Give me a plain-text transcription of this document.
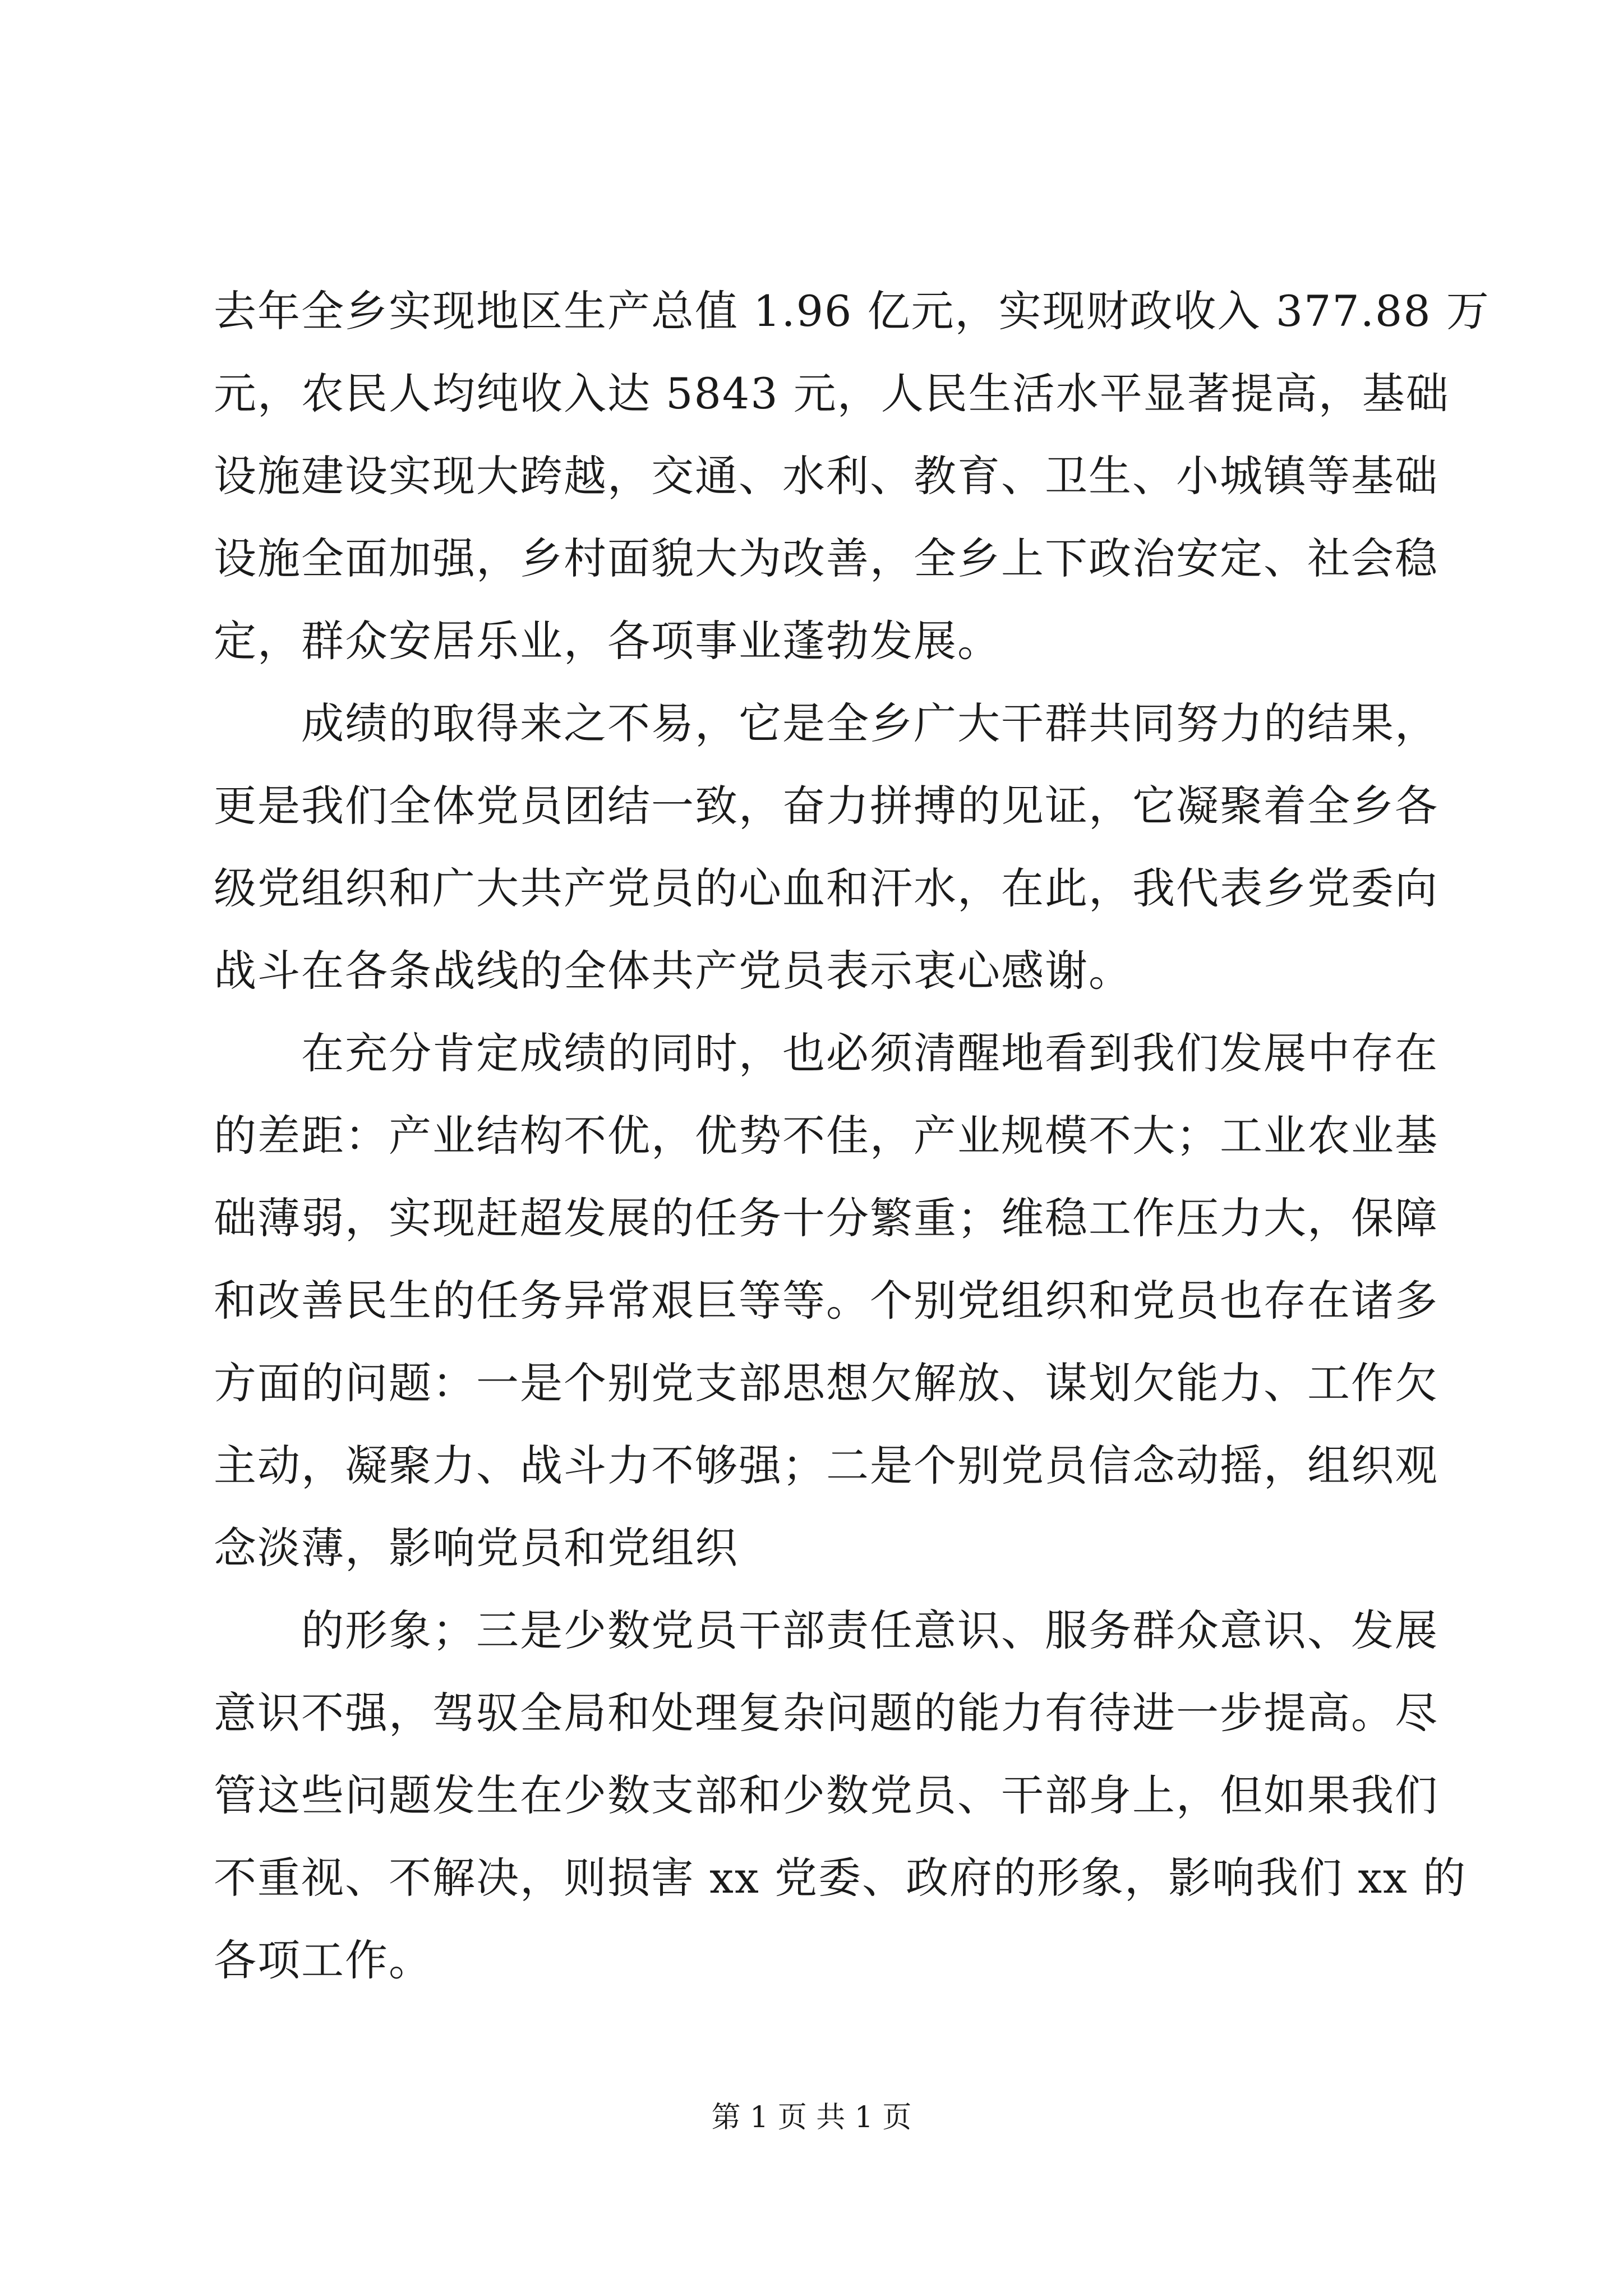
去年全乡实现地区生产总值 1.96 亿元，实现财政收入 377.88 万
元，农民人均纯收入达 5843 元，人民生活水平显著提高，基础
设施建设实现大跨越，交通、水利、教育、卫生、小城镇等基础
设施全面加强，乡村面貌大为改善，全乡上下政治安定、社会稳
定，群众安居乐业，各项事业蓬勃发展。
　　成绩的取得来之不易，它是全乡广大干群共同努力的结果，
更是我们全体党员团结一致，奋力拼搏的见证，它凝聚着全乡各
级党组织和广大共产党员的心血和汗水，在此，我代表乡党委向
战斗在各条战线的全体共产党员表示衷心感谢。
　　在充分肯定成绩的同时，也必须清醒地看到我们发展中存在
的差距：产业结构不优，优势不佳，产业规模不大；工业农业基
础薄弱，实现赶超发展的任务十分繁重；维稳工作压力大，保障
和改善民生的任务异常艰巨等等。个别党组织和党员也存在诸多
方面的问题：一是个别党支部思想欠解放、谋划欠能力、工作欠
主动，凝聚力、战斗力不够强；二是个别党员信念动摇，组织观
念淡薄，影响党员和党组织
　　的形象；三是少数党员干部责任意识、服务群众意识、发展
意识不强，驾驭全局和处理复杂问题的能力有待进一步提高。尽
管这些问题发生在少数支部和少数党员、干部身上，但如果我们
不重视、不解决，则损害 xx 党委、政府的形象，影响我们 xx 的
各项工作。
第 1 页 共 1 页
